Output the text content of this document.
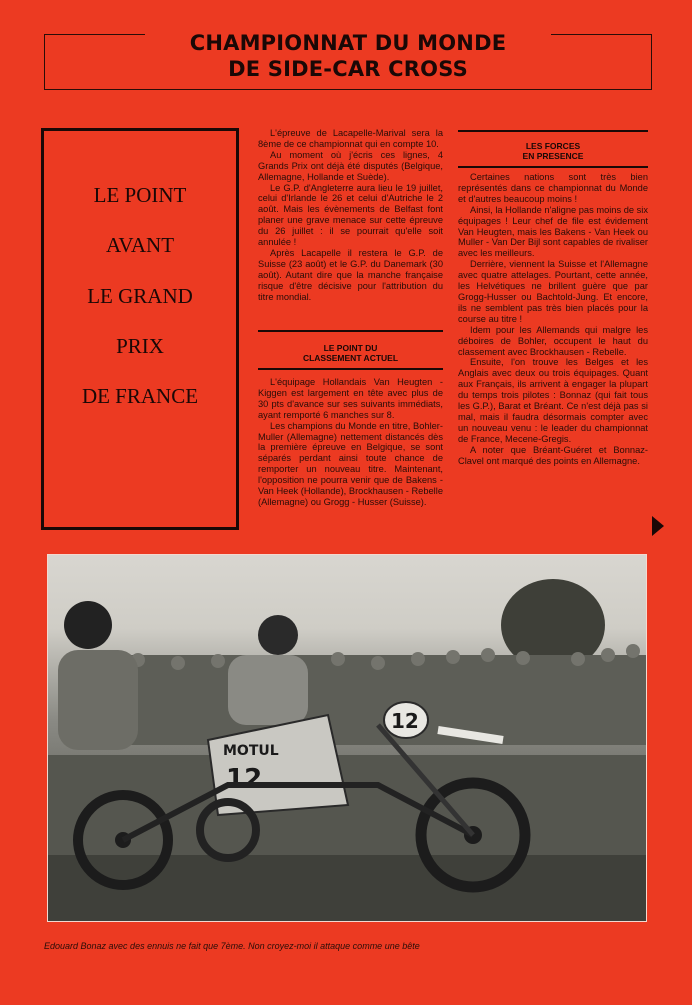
CHAMPIONNAT DU MONDE
DE SIDE-CAR CROSS
LE POINT
AVANT
LE GRAND
PRIX
DE FRANCE

L'épreuve de Lacapelle-Marival sera la 8ème de ce championnat qui en compte 10.

Au moment où j'écris ces lignes, 4 Grands Prix ont déjà été disputés (Belgique, Allemagne, Hollande et Suède).

Le G.P. d'Angleterre aura lieu le 19 juillet, celui d'Irlande le 26 et celui d'Autriche le 2 août. Mais les évènements de Belfast font planer une grave menace sur cette épreuve du 26 juillet : il se pourrait qu'elle soit annulée !

Après Lacapelle il restera le G.P. de Suisse (23 août) et le G.P. du Danemark (30 août). Autant dire que la manche française risque d'être décisive pour l'attribution du titre mondial.

LE POINT DU
CLASSEMENT ACTUEL

L'équipage Hollandais Van Heugten - Kiggen est largement en tête avec plus de 30 pts d'avance sur ses suivants immédiats, ayant remporté 6 manches sur 8.

Les champions du Monde en titre, Bohler-Muller (Allemagne) nettement distancés dès la première épreuve en Belgique, se sont séparés perdant ainsi toute chance de remporter un nouveau titre. Maintenant, l'opposition ne pourra venir que de Bakens - Van Heek (Hollande), Brockhausen - Rebelle (Allemagne) ou Grogg - Husser (Suisse).

LES FORCES
EN PRESENCE

Certaines nations sont très bien représentés dans ce championnat du Monde et d'autres beaucoup moins !

Ainsi, la Hollande n'aligne pas moins de six équipages ! Leur chef de file est évidement Van Heugten, mais les Bakens - Van Heek ou Muller - Van Der Bijl sont capables de rivaliser avec les meilleurs.

Derrière, viennent la Suisse et l'Allemagne avec quatre attelages. Pourtant, cette année, les Helvétiques ne brillent guère que par Grogg-Husser ou Bachtold-Jung. Et encore, ils ne semblent pas très bien placés pour la course au titre !

Idem pour les Allemands qui malgre les déboires de Bohler, occupent le haut du classement avec Brockhausen - Rebelle.

Ensuite, l'on trouve les Belges et les Anglais avec deux ou trois équipages. Quant aux Français, ils arrivent à engager la plupart du temps trois pilotes : Bonnaz (qui fait tous les G.P.), Barat et Bréant. Ce n'est déjà pas si mal, mais il faudra désormais compter avec un nouveau venu : le leader du championnat de France, Mecene-Gregis.

A noter que Bréant-Guéret et Bonnaz-Clavel ont marqué des points en Allemagne.

MOTUL
12
12
Edouard Bonaz avec des ennuis ne fait que 7ème. Non croyez-moi il attaque comme une bête
